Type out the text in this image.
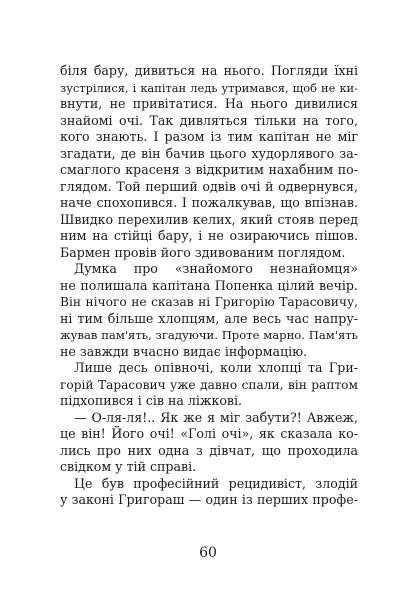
біля бару, дивиться на нього. Погляди їхні
зустрілися, і капітан ледь утримався, щоб не ки-
внути, не привітатися. На нього дивилися
знайомі очі. Так дивляться тільки на того,
кого знають. І разом із тим капітан не міг
згадати, де він бачив цього худорлявого за-
смаглого красеня з відкритим нахабним по-
глядом. Той перший одвів очі й одвернувся,
наче спохопився. І пожалкував, що впізнав.
Швидко перехилив келих, який стояв перед
ним на стійці бару, і не озираючись пішов.
Бармен провів його здивованим поглядом.
Думка про «знайомого незнайомця»
не полишала капітана Попенка цілий вечір.
Він нічого не сказав ні Григорію Тарасовичу,
ні тим більше хлопцям, але весь час напру-
жував пам'ять, згадуючи. Проте марно. Пам'ять
не завжди вчасно видає інформацію.
Лише десь опівночі, коли хлопці та Гри-
горій Тарасович уже давно спали, він раптом
підхопився і сів на ліжкові.
— О-ля-ля!.. Як же я міг забути?! Авжеж,
це він! Його очі! «Голі очі», як сказала ко-
лись про них одна з дівчат, що проходила
свідком у тій справі.
Це був професійний рецидивіст, злодій
у законі Григораш — один із перших профе-
60
